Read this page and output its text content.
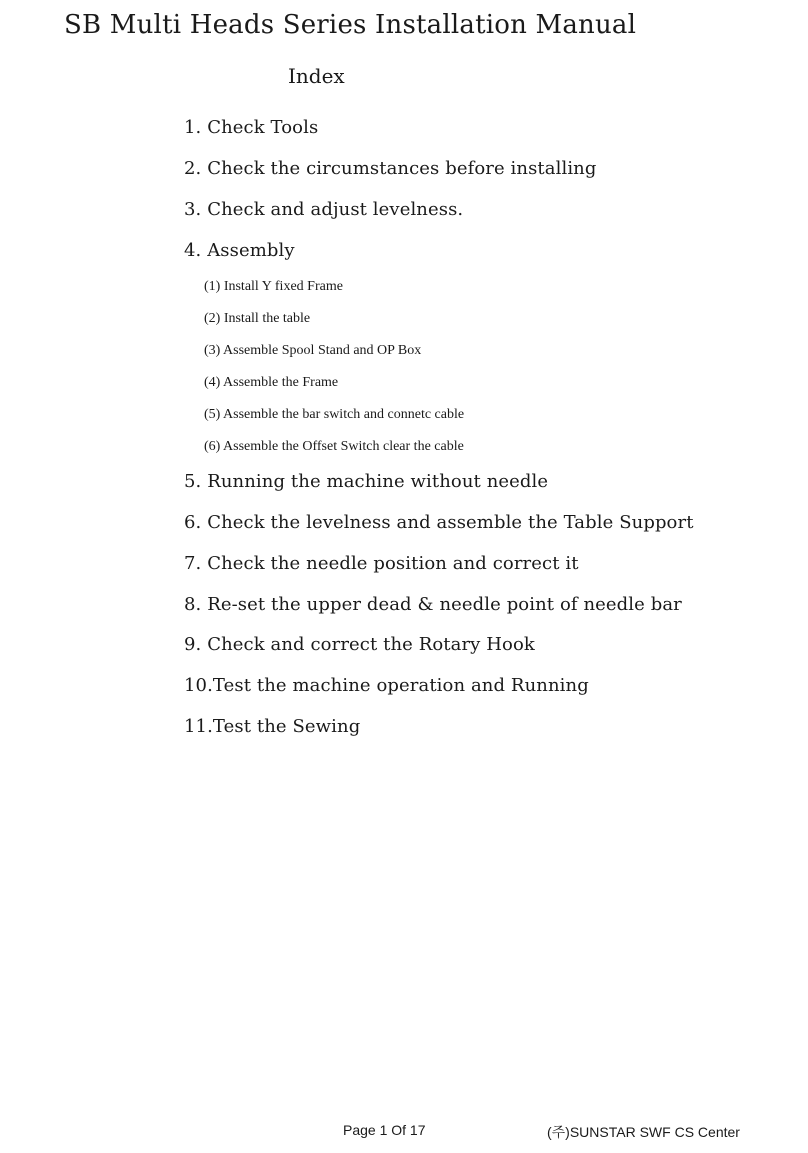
SB Multi Heads Series Installation Manual
Index
1. Check Tools
2. Check the circumstances before installing
3. Check and adjust levelness.
4. Assembly
(1) Install Y fixed Frame
(2) Install the table
(3) Assemble Spool Stand and OP Box
(4) Assemble the Frame
(5) Assemble the bar switch and connetc cable
(6) Assemble the Offset Switch clear the cable
5. Running the machine without needle
6. Check the levelness and assemble the Table Support
7. Check the needle position and correct it
8. Re-set the upper dead & needle point of needle bar
9. Check and correct the Rotary Hook
10.Test the machine operation and Running
11.Test the Sewing
Page 1 Of 17	(주)SUNSTAR SWF CS Center
